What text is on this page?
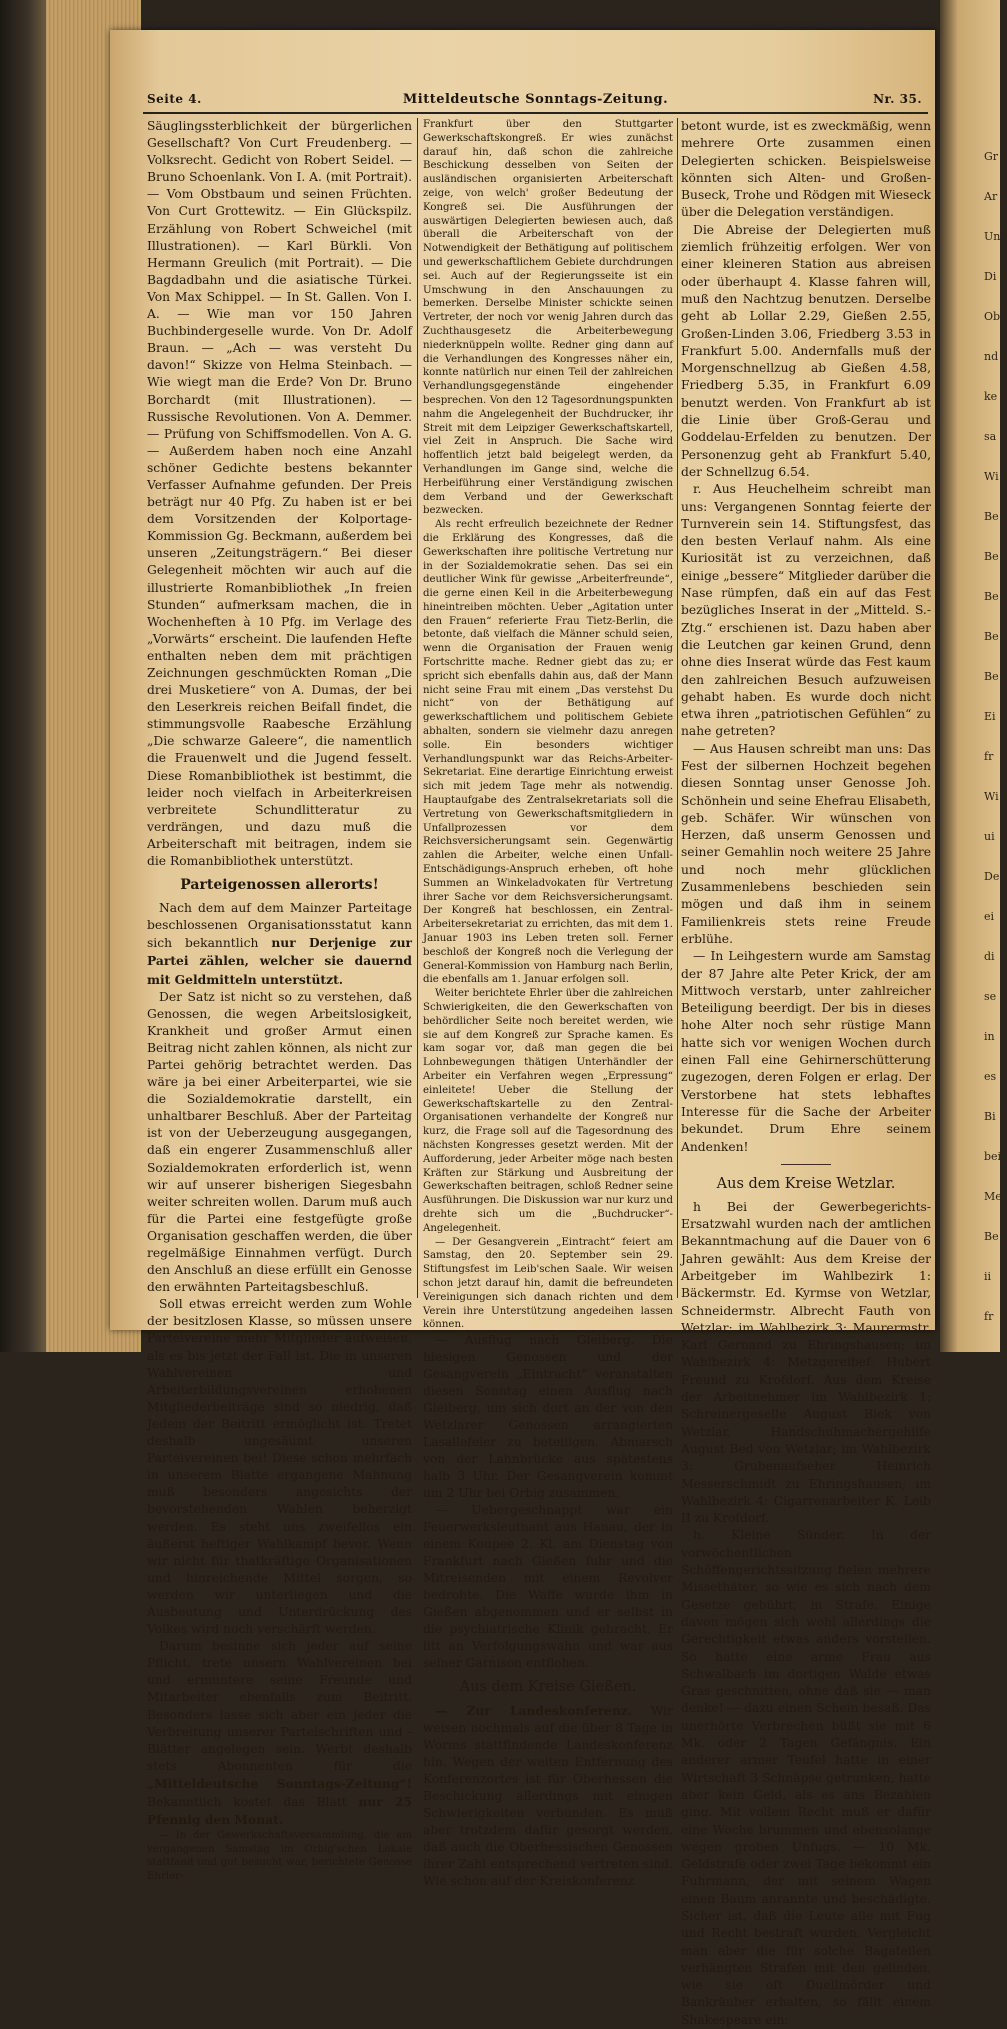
Gr
Ar
Unb
Di
Ob
nd
ke
sa
Wi
Be
Be
Be
Be
Be
Ei
fr
Wi
ui
De
ei
di
se
in
es
Bi
bei
Me
Be
ii
fr
Seite 4.	Mitteldeutsche Sonntags-Zeitung.	Nr. 35.

Säuglingssterblichkeit der bürgerlichen Gesellschaft? Von Curt Freudenberg. — Volksrecht. Gedicht von Robert Seidel. — Bruno Schoenlank. Von I. A. (mit Portrait). — Vom Obstbaum und seinen Früchten. Von Curt Grottewitz. — Ein Glückspilz. Erzählung von Robert Schweichel (mit Illustrationen). — Karl Bürkli. Von Hermann Greulich (mit Portrait). — Die Bagdadbahn und die asiatische Türkei. Von Max Schippel. — In St. Gallen. Von I. A. — Wie man vor 150 Jahren Buchbindergeselle wurde. Von Dr. Adolf Braun. — „Ach — was versteht Du davon!“ Skizze von Helma Steinbach. — Wie wiegt man die Erde? Von Dr. Bruno Borchardt (mit Illustrationen). — Russische Revolutionen. Von A. Demmer. — Prüfung von Schiffsmodellen. Von A. G. — Außerdem haben noch eine Anzahl schöner Gedichte bestens bekannter Verfasser Aufnahme gefunden. Der Preis beträgt nur 40 Pfg. Zu haben ist er bei dem Vorsitzenden der Kolportage-Kommission Gg. Beckmann, außerdem bei unseren „Zeitungsträgern.“ Bei dieser Gelegenheit möchten wir auch auf die illustrierte Romanbibliothek „In freien Stunden“ aufmerksam machen, die in Wochenheften à 10 Pfg. im Verlage des „Vorwärts“ erscheint. Die laufenden Hefte enthalten neben dem mit prächtigen Zeichnungen geschmückten Roman „Die drei Musketiere“ von A. Dumas, der bei den Leserkreis reichen Beifall findet, die stimmungsvolle Raabesche Erzählung „Die schwarze Galeere“, die namentlich die Frauenwelt und die Jugend fesselt. Diese Romanbibliothek ist bestimmt, die leider noch vielfach in Arbeiterkreisen verbreitete Schundlitteratur zu verdrängen, und dazu muß die Arbeiterschaft mit beitragen, indem sie die Romanbibliothek unterstützt.

Parteigenossen allerorts!

Nach dem auf dem Mainzer Parteitage beschlossenen Organisationsstatut kann sich bekanntlich nur Derjenige zur Partei zählen, welcher sie dauernd mit Geldmitteln unterstützt.

Der Satz ist nicht so zu verstehen, daß Genossen, die wegen Arbeitslosigkeit, Krankheit und großer Armut einen Beitrag nicht zahlen können, als nicht zur Partei gehörig betrachtet werden. Das wäre ja bei einer Arbeiterpartei, wie sie die Sozialdemokratie darstellt, ein unhaltbarer Beschluß. Aber der Parteitag ist von der Ueberzeugung ausgegangen, daß ein engerer Zusammenschluß aller Sozialdemokraten erforderlich ist, wenn wir auf unserer bisherigen Siegesbahn weiter schreiten wollen. Darum muß auch für die Partei eine festgefügte große Organisation geschaffen werden, die über regelmäßige Einnahmen verfügt. Durch den Anschluß an diese erfüllt ein Genosse den erwähnten Parteitagsbeschluß.

Soll etwas erreicht werden zum Wohle der besitzlosen Klasse, so müssen unsere Parteivereine mehr Mitglieder aufweisen, als es bis jetzt der Fall ist. Die in unseren Wahlvereinen und Arbeiterbildungsvereinen erhobenen Mitgliederbeiträge sind so niedrig, daß Jedem der Beitritt ermöglicht ist. Tretet deshalb ungesäumt unseren Parteivereinen bei! Diese schon mehrfach in unserem Blatte ergangene Mahnung muß besonders angesichts der bevorstehenden Wahlen beherzigt werden. Es steht uns zweifellos ein äußerst heftiger Wahlkampf bevor. Wenn wir nicht für thatkräftige Organisationen und hinreichende Mittel sorgen, so werden wir unterliegen und die Ausbeutung und Unterdrückung des Volkes wird noch verschärft werden.

Darum besinne sich jeder auf seine Pflicht, trete unsern Wahlvereinen bei und ermuntere seine Freunde und Mitarbeiter ebenfalls zum Beitritt. Besonders lasse sich aber ein jeder die Verbreitung unserer Parteischriften und -Blätter angelegen sein. Werbt deshalb stets Abonnenten für die „Mitteldeutsche Sonntags-Zeitung“! Bekanntlich kostet das Blatt nur 25 Pfennig den Monat.

— In der Gewerkschaftsversammlung, die am vergangenen Samstag im Orbig'schen Lokale stattfand und gut besucht war, berichtete Genosse Ehrler-

Frankfurt über den Stuttgarter Gewerkschaftskongreß. Er wies zunächst darauf hin, daß schon die zahlreiche Beschickung desselben von Seiten der ausländischen organisierten Arbeiterschaft zeige, von welch' großer Bedeutung der Kongreß sei. Die Ausführungen der auswärtigen Delegierten bewiesen auch, daß überall die Arbeiterschaft von der Notwendigkeit der Bethätigung auf politischem und gewerkschaftlichem Gebiete durchdrungen sei. Auch auf der Regierungsseite ist ein Umschwung in den Anschauungen zu bemerken. Derselbe Minister schickte seinen Vertreter, der noch vor wenig Jahren durch das Zuchthausgesetz die Arbeiterbewegung niederknüppeln wollte. Redner ging dann auf die Verhandlungen des Kongresses näher ein, konnte natürlich nur einen Teil der zahlreichen Verhandlungsgegenstände eingehender besprechen. Von den 12 Tagesordnungspunkten nahm die Angelegenheit der Buchdrucker, ihr Streit mit dem Leipziger Gewerkschaftskartell, viel Zeit in Anspruch. Die Sache wird hoffentlich jetzt bald beigelegt werden, da Verhandlungen im Gange sind, welche die Herbeiführung einer Verständigung zwischen dem Verband und der Gewerkschaft bezwecken.

Als recht erfreulich bezeichnete der Redner die Erklärung des Kongresses, daß die Gewerkschaften ihre politische Vertretung nur in der Sozialdemokratie sehen. Das sei ein deutlicher Wink für gewisse „Arbeiterfreunde“, die gerne einen Keil in die Arbeiterbewegung hineintreiben möchten. Ueber „Agitation unter den Frauen“ referierte Frau Tietz-Berlin, die betonte, daß vielfach die Männer schuld seien, wenn die Organisation der Frauen wenig Fortschritte mache. Redner giebt das zu; er spricht sich ebenfalls dahin aus, daß der Mann nicht seine Frau mit einem „Das verstehst Du nicht“ von der Bethätigung auf gewerkschaftlichem und politischem Gebiete abhalten, sondern sie vielmehr dazu anregen solle. Ein besonders wichtiger Verhandlungspunkt war das Reichs-Arbeiter-Sekretariat. Eine derartige Einrichtung erweist sich mit jedem Tage mehr als notwendig. Hauptaufgabe des Zentralsekretariats soll die Vertretung von Gewerkschaftsmitgliedern in Unfallprozessen vor dem Reichsversicherungsamt sein. Gegenwärtig zahlen die Arbeiter, welche einen Unfall-Entschädigungs-Anspruch erheben, oft hohe Summen an Winkeladvokaten für Vertretung ihrer Sache vor dem Reichsversicherungsamt. Der Kongreß hat beschlossen, ein Zentral-Arbeitersekretariat zu errichten, das mit dem 1. Januar 1903 ins Leben treten soll. Ferner beschloß der Kongreß noch die Verlegung der General-Kommission von Hamburg nach Berlin, die ebenfalls am 1. Januar erfolgen soll.

Weiter berichtete Ehrler über die zahlreichen Schwierigkeiten, die den Gewerkschaften von behördlicher Seite noch bereitet werden, wie sie auf dem Kongreß zur Sprache kamen. Es kam sogar vor, daß man gegen die bei Lohnbewegungen thätigen Unterhändler der Arbeiter ein Verfahren wegen „Erpressung“ einleitete! Ueber die Stellung der Gewerkschaftskartelle zu den Zentral-Organisationen verhandelte der Kongreß nur kurz, die Frage soll auf die Tagesordnung des nächsten Kongresses gesetzt werden. Mit der Aufforderung, jeder Arbeiter möge nach besten Kräften zur Stärkung und Ausbreitung der Gewerkschaften beitragen, schloß Redner seine Ausführungen. Die Diskussion war nur kurz und drehte sich um die „Buchdrucker“-Angelegenheit.

— Der Gesangverein „Eintracht“ feiert am Samstag, den 20. September sein 29. Stiftungsfest im Leib'schen Saale. Wir weisen schon jetzt darauf hin, damit die befreundeten Vereinigungen sich danach richten und dem Verein ihre Unterstützung angedeihen lassen können.

— Ausflug nach Gleiberg. Die hiesigen Genossen und der Gesangverein „Eintracht“ veranstalten diesen Sonntag einen Ausflug nach Gleiberg, um sich dort an der von den Wetzlarer Genossen arrangierten Lasallefeier zu beteiligen. Abmarsch von der Lahnbrücke aus spätestens halb 3 Uhr. Der Gesangverein kommt um 2 Uhr bei Orbig zusammen.

— Uebergeschnappt war ein Feuerwerksleutnant aus Hanau, der in einem Koupee 2. Kl. am Dienstag von Frankfurt nach Gießen fuhr und die Mitreisenden mit einem Revolver bedrohte. Die Waffe wurde ihm in Gießen abgenommen und er selbst in die psychiatrische Klinik gebracht. Er litt an Verfolgungswahn und war aus seiner Garnison entflohen.

Aus dem Kreise Gießen.

— Zur Landeskonferenz. Wir weisen nochmals auf die über 8 Tage in Worms stattfindende Landeskonferenz hin. Wegen der weiten Entfernung des Konferenzortes ist für Oberhessen die Beschickung allerdings mit einigen Schwierigkeiten verbunden. Es muß aber trotzdem dafür gesorgt werden, daß auch die Oberhessischen Genossen ihrer Zahl entsprechend vertreten sind. Wie schon auf der Kreiskonferenz

betont wurde, ist es zweckmäßig, wenn mehrere Orte zusammen einen Delegierten schicken. Beispielsweise könnten sich Alten- und Großen-Buseck, Trohe und Rödgen mit Wieseck über die Delegation verständigen.

Die Abreise der Delegierten muß ziemlich frühzeitig erfolgen. Wer von einer kleineren Station aus abreisen oder überhaupt 4. Klasse fahren will, muß den Nachtzug benutzen. Derselbe geht ab Lollar 2.29, Gießen 2.55, Großen-Linden 3.06, Friedberg 3.53 in Frankfurt 5.00. Andernfalls muß der Morgenschnellzug ab Gießen 4.58, Friedberg 5.35, in Frankfurt 6.09 benutzt werden. Von Frankfurt ab ist die Linie über Groß-Gerau und Goddelau-Erfelden zu benutzen. Der Personenzug geht ab Frankfurt 5.40, der Schnellzug 6.54.

r. Aus Heuchelheim schreibt man uns: Vergangenen Sonntag feierte der Turnverein sein 14. Stiftungsfest, das den besten Verlauf nahm. Als eine Kuriosität ist zu verzeichnen, daß einige „bessere“ Mitglieder darüber die Nase rümpfen, daß ein auf das Fest bezügliches Inserat in der „Mitteld. S.-Ztg.“ erschienen ist. Dazu haben aber die Leutchen gar keinen Grund, denn ohne dies Inserat würde das Fest kaum den zahlreichen Besuch aufzuweisen gehabt haben. Es wurde doch nicht etwa ihren „patriotischen Gefühlen“ zu nahe getreten?

— Aus Hausen schreibt man uns: Das Fest der silbernen Hochzeit begehen diesen Sonntag unser Genosse Joh. Schönhein und seine Ehefrau Elisabeth, geb. Schäfer. Wir wünschen von Herzen, daß unserm Genossen und seiner Gemahlin noch weitere 25 Jahre und noch mehr glücklichen Zusammenlebens beschieden sein mögen und daß ihm in seinem Familienkreis stets reine Freude erblühe.

— In Leihgestern wurde am Samstag der 87 Jahre alte Peter Krick, der am Mittwoch verstarb, unter zahlreicher Beteiligung beerdigt. Der bis in dieses hohe Alter noch sehr rüstige Mann hatte sich vor wenigen Wochen durch einen Fall eine Gehirnerschütterung zugezogen, deren Folgen er erlag. Der Verstorbene hat stets lebhaftes Interesse für die Sache der Arbeiter bekundet. Drum Ehre seinem Andenken!

Aus dem Kreise Wetzlar.

h Bei der Gewerbegerichts-Ersatzwahl wurden nach der amtlichen Bekanntmachung auf die Dauer von 6 Jahren gewählt: Aus dem Kreise der Arbeitgeber im Wahlbezirk 1: Bäckermstr. Ed. Kyrmse von Wetzlar, Schneidermstr. Albrecht Fauth von Wetzlar; im Wahlbezirk 3: Maurermstr. Karl Gernand zu Ehringshausen; im Wahlbezirk 4: Metzgereibef. Hubert Freund zu Krofdorf. Aus dem Kreise der Arbeitnehmer im Wahlbezirk 1: Schreinergeselle August Biek von Wetzlar, Handschuhmachergehilfe August Bed von Wetzlar; im Wahlbezirk 3: Grubenaufseher Heinrich Messerschmidt zu Ehringshausen; im Wahlbezirk 4: Cigarrenarbeiter K. Leib II zu Krofdorf.

h. Kleine Sünder. In der vorwöchentlichen Schöffengerichtssitzung fielen mehrere Missethäter, so wie es sich nach dem Gesetze gebührt, in Strafe. Einige davon mögen sich wohl allerdings die Gerechtigkeit etwas anders vorstellen. So hatte eine arme Frau aus Schwalbach im dortigen Walde etwas Gras geschnitten, ohne daß sie — man denke! — dazu einen Schein besaß. Das unerhörte Verbrechen büßt sie mit 6 Mk. oder 2 Tagen Gefängnis. Ein anderer armer Teufel hatte in einer Wirtschaft 3 Schnäpse getrunken, hatte aber kein Geld, als es ans Bezahlen ging. Mit vollem Recht muß er dafür eine Woche brummen und ebensolange wegen groben Unfugs. — 10 Mk. Geldstrafe oder zwei Tage bekommt ein Fuhrmann, der mit seinem Wagen einen Baum anrannte und beschädigte. Sicher ist, daß die Leute alle mit Fug und Recht bestraft wurden. Vergleicht man aber die für solche Bagatellen verhängten Strafen mit den gelinden, wie sie oft Duellmörder und Bankräuber erhalten, so fällt einem Shakespeare ein:
